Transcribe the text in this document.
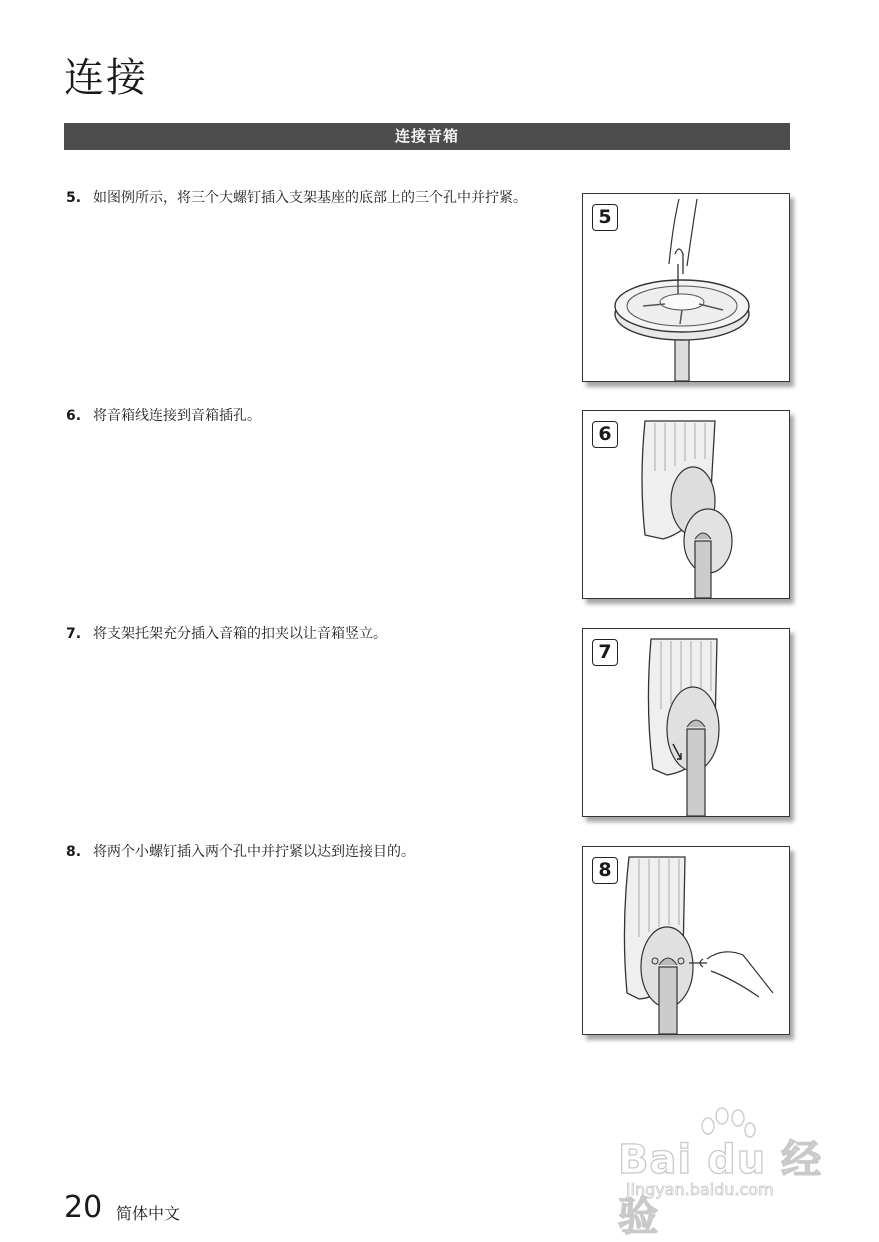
连接
连接音箱
5. 如图例所示，将三个大螺钉插入支架基座的底部上的三个孔中并拧紧。
5
6. 将音箱线连接到音箱插孔。
6
7. 将支架托架充分插入音箱的扣夹以让音箱竖立。
7
8. 将两个小螺钉插入两个孔中并拧紧以达到连接目的。
8
Bai du 经验
jingyan.baidu.com
20 简体中文
